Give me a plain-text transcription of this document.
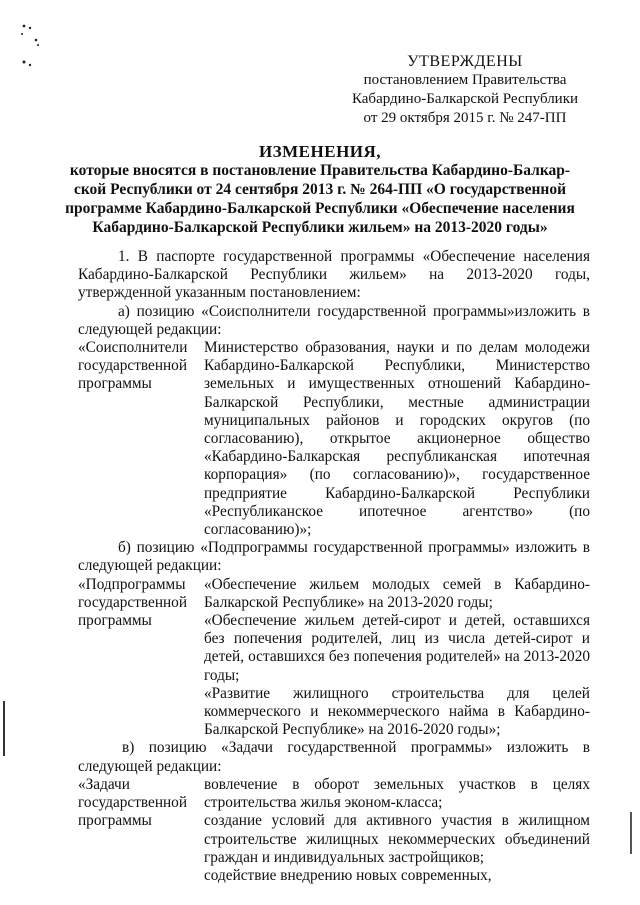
УТВЕРЖДЕНЫ
постановлением Правительства
Кабардино-Балкарской Республики
от 29 октября 2015 г. № 247-ПП
ИЗМЕНЕНИЯ,
которые вносятся в постановление Правительства Кабардино-Балкар-
ской Республики от 24 сентября 2013 г. № 264-ПП «О государственной
программе Кабардино-Балкарской Республики «Обеспечение населения
Кабардино-Балкарской Республики жильем» на 2013-2020 годы»

1. В паспорте государственной программы «Обеспечение населения Кабардино-Балкарской Республики жильем» на 2013-2020 годы, утвержденной указанным постановлением:

а) позицию «Соисполнители государственной программы»изложить в следующей редакции:

«Соисполнители государственной программы

Министерство образования, науки и по делам молодежи Кабардино-Балкарской Республики, Министерство земельных и имущественных отношений Кабардино-Балкарской Республики, местные администрации муниципальных районов и городских округов (по согласованию), открытое акционерное общество «Кабардино-Балкарская республиканская ипотечная корпорация» (по согласованию)», государственное предприятие Кабардино-Балкарской Республики «Республиканское ипотечное агентство» (по согласованию)»;

б) позицию «Подпрограммы государственной программы» изложить в следующей редакции:

«Подпрограммы государственной программы

«Обеспечение жильем молодых семей в Кабардино-Балкарской Республике» на 2013-2020 годы;

«Обеспечение жильем детей-сирот и детей, оставшихся без попечения родителей, лиц из числа детей-сирот и детей, оставшихся без попечения родителей» на 2013-2020 годы;

«Развитие жилищного строительства для целей коммерческого и некоммерческого найма в Кабардино-Балкарской Республике» на 2016-2020 годы»;

в) позицию «Задачи государственной программы» изложить в следующей редакции:

«Задачи государственной программы

вовлечение в оборот земельных участков в целях строительства жилья эконом-класса;

создание условий для активного участия в жилищном строительстве жилищных некоммерческих объединений граждан и индивидуальных застройщиков;

содействие внедрению новых современных,
